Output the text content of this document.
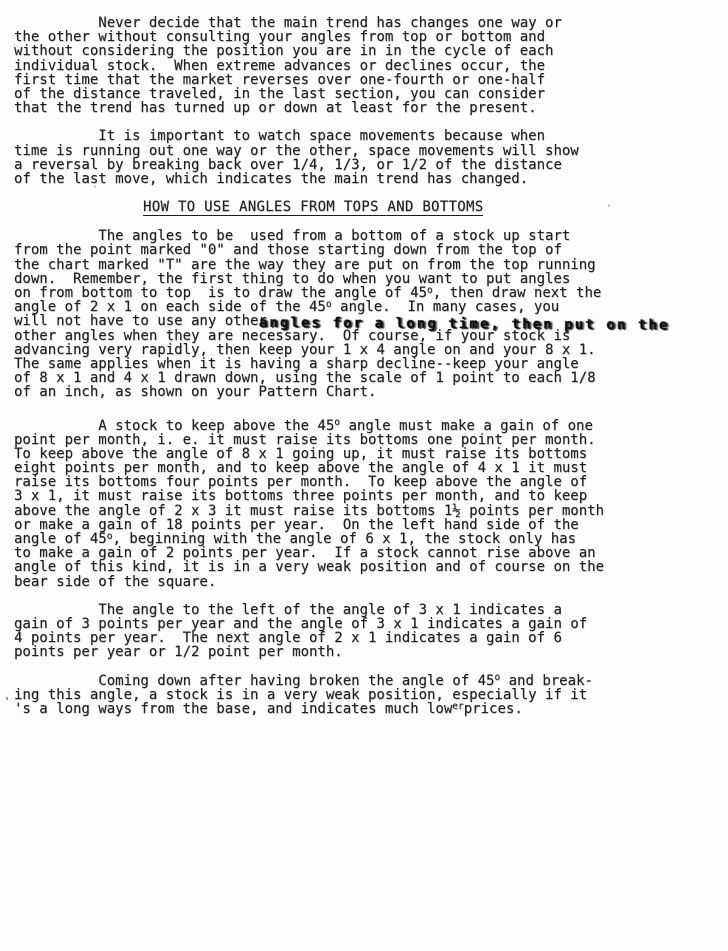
Never decide that the main trend has changes one way or
the other without consulting your angles from top or bottom and
without considering the position you are in in the cycle of each
individual stock.  When extreme advances or declines occur, the
first time that the market reverses over one-fourth or one-half
of the distance traveled, in the last section, you can consider
that the trend has turned up or down at least for the present.
It is important to watch space movements because when
time is running out one way or the other, space movements will show
a reversal by breaking back over 1/4, 1/3, or 1/2 of the distance
of the last move, which indicates the main trend has changed.
HOW TO USE ANGLES FROM TOPS AND BOTTOMS
The angles to be  used from a bottom of a stock up start
from the point marked "0" and those starting down from the top of
the chart marked "T" are the way they are put on from the top running
down.  Remember, the first thing to do when you want to put angles
on from bottom to top  is to draw the angle of 45o, then draw next the
angle of 2 x 1 on each side of the 45o angle.  In many cases, you
will not have to use any other angles for a long time, then put on the
other angles when they are necessary.  Of course, if your stock is
advancing very rapidly, then keep your 1 x 4 angle on and your 8 x 1.
The same applies when it is having a sharp decline--keep your angle
of 8 x 1 and 4 x 1 drawn down, using the scale of 1 point to each 1/8
of an inch, as shown on your Pattern Chart.
A stock to keep above the 45o angle must make a gain of one
point per month, i. e. it must raise its bottoms one point per month.
To keep above the angle of 8 x 1 going up, it must raise its bottoms
eight points per month, and to keep above the angle of 4 x 1 it must
raise its bottoms four points per month.  To keep above the angle of
3 x 1, it must raise its bottoms three points per month, and to keep
above the angle of 2 x 3 it must raise its bottoms 1½ points per month
or make a gain of 18 points per year.  On the left hand side of the
angle of 45o, beginning with the angle of 6 x 1, the stock only has
to make a gain of 2 points per year.  If a stock cannot rise above an
angle of this kind, it is in a very weak position and of course on the
bear side of the square.
The angle to the left of the angle of 3 x 1 indicates a
gain of 3 points per year and the angle of 3 x 1 indicates a gain of
4 points per year.  The next angle of 2 x 1 indicates a gain of 6
points per year or 1/2 point per month.
Coming down after having broken the angle of 45o and break-
ing this angle, a stock is in a very weak position, especially if it
's a long ways from the base, and indicates much lowerprices.
